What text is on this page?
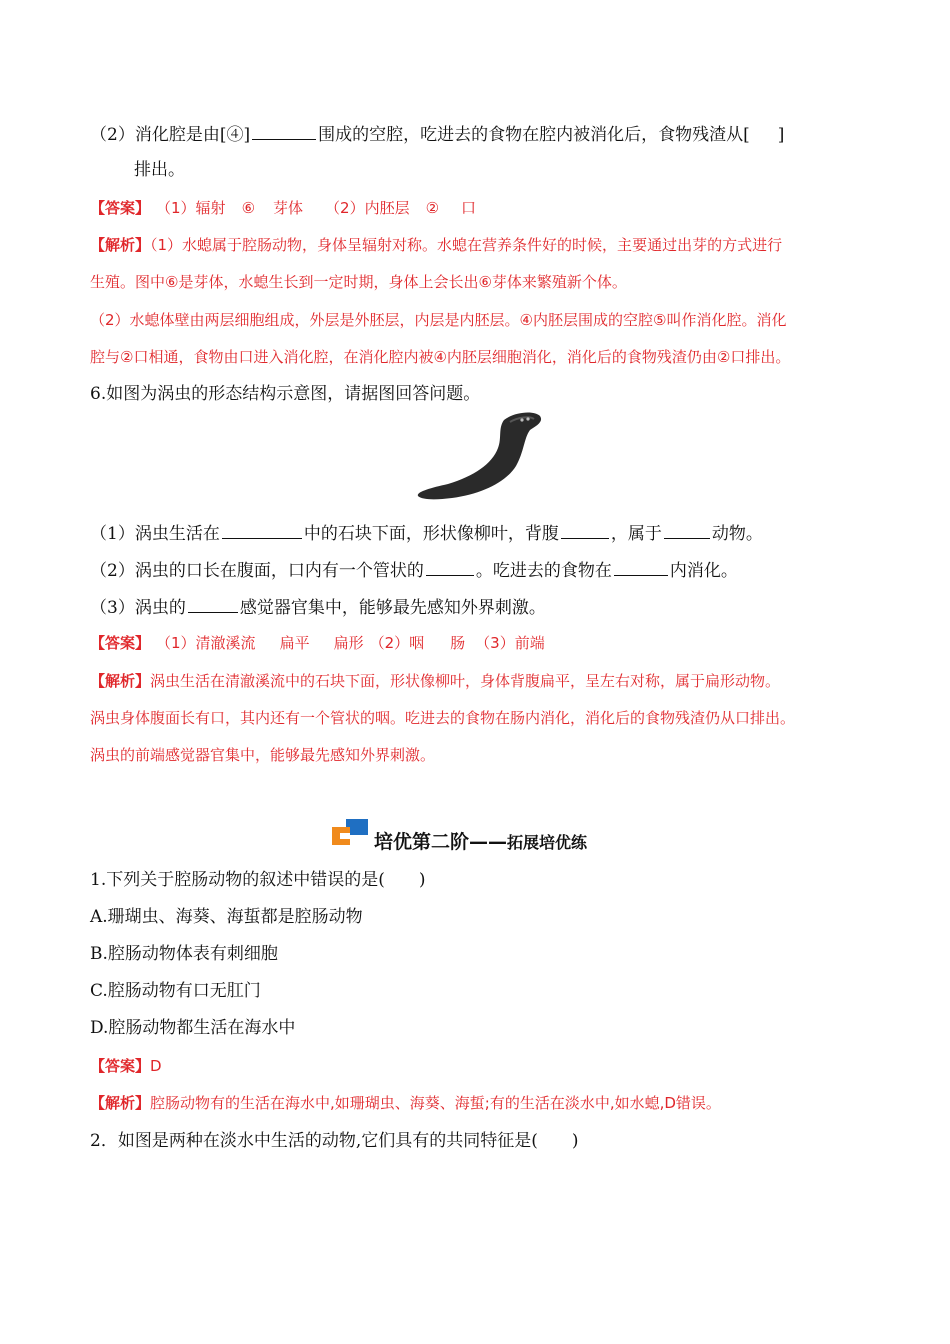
（2）消化腔是由[④]	围成的空腔，吃进去的食物在腔内被消化后，食物残渣从[ ]
排出。
【答案】 （1）辐射 ⑥ 芽体 （2）内胚层 ② 口
【解析】（1）水螅属于腔肠动物，身体呈辐射对称。水螅在营养条件好的时候，主要通过出芽的方式进行
生殖。图中⑥是芽体，水螅生长到一定时期，身体上会长出⑥芽体来繁殖新个体。
（2）水螅体壁由两层细胞组成，外层是外胚层，内层是内胚层。④内胚层围成的空腔⑤叫作消化腔。消化
腔与②口相通，食物由口进入消化腔，在消化腔内被④内胚层细胞消化，消化后的食物残渣仍由②口排出。
6.如图为涡虫的形态结构示意图，请据图回答问题。
（1）涡虫生活在	中的石块下面，形状像柳叶，背腹	，属于	动物。
（2）涡虫的口长在腹面，口内有一个管状的	。吃进去的食物在	内消化。
（3）涡虫的	感觉器官集中，能够最先感知外界刺激。
【答案】 （1）清澈溪流 扁平 扁形 （2）咽 肠 （3）前端
【解析】涡虫生活在清澈溪流中的石块下面，形状像柳叶，身体背腹扁平，呈左右对称，属于扁形动物。
涡虫身体腹面长有口，其内还有一个管状的咽。吃进去的食物在肠内消化，消化后的食物残渣仍从口排出。
涡虫的前端感觉器官集中，能够最先感知外界刺激。
培优第二阶——拓展培优练
1.下列关于腔肠动物的叙述中错误的是(　　)
A.珊瑚虫、海葵、海蜇都是腔肠动物
B.腔肠动物体表有刺细胞
C.腔肠动物有口无肛门
D.腔肠动物都生活在海水中
【答案】D
【解析】腔肠动物有的生活在海水中,如珊瑚虫、海葵、海蜇;有的生活在淡水中,如水螅,D错误。
2．如图是两种在淡水中生活的动物,它们具有的共同特征是(　　)
